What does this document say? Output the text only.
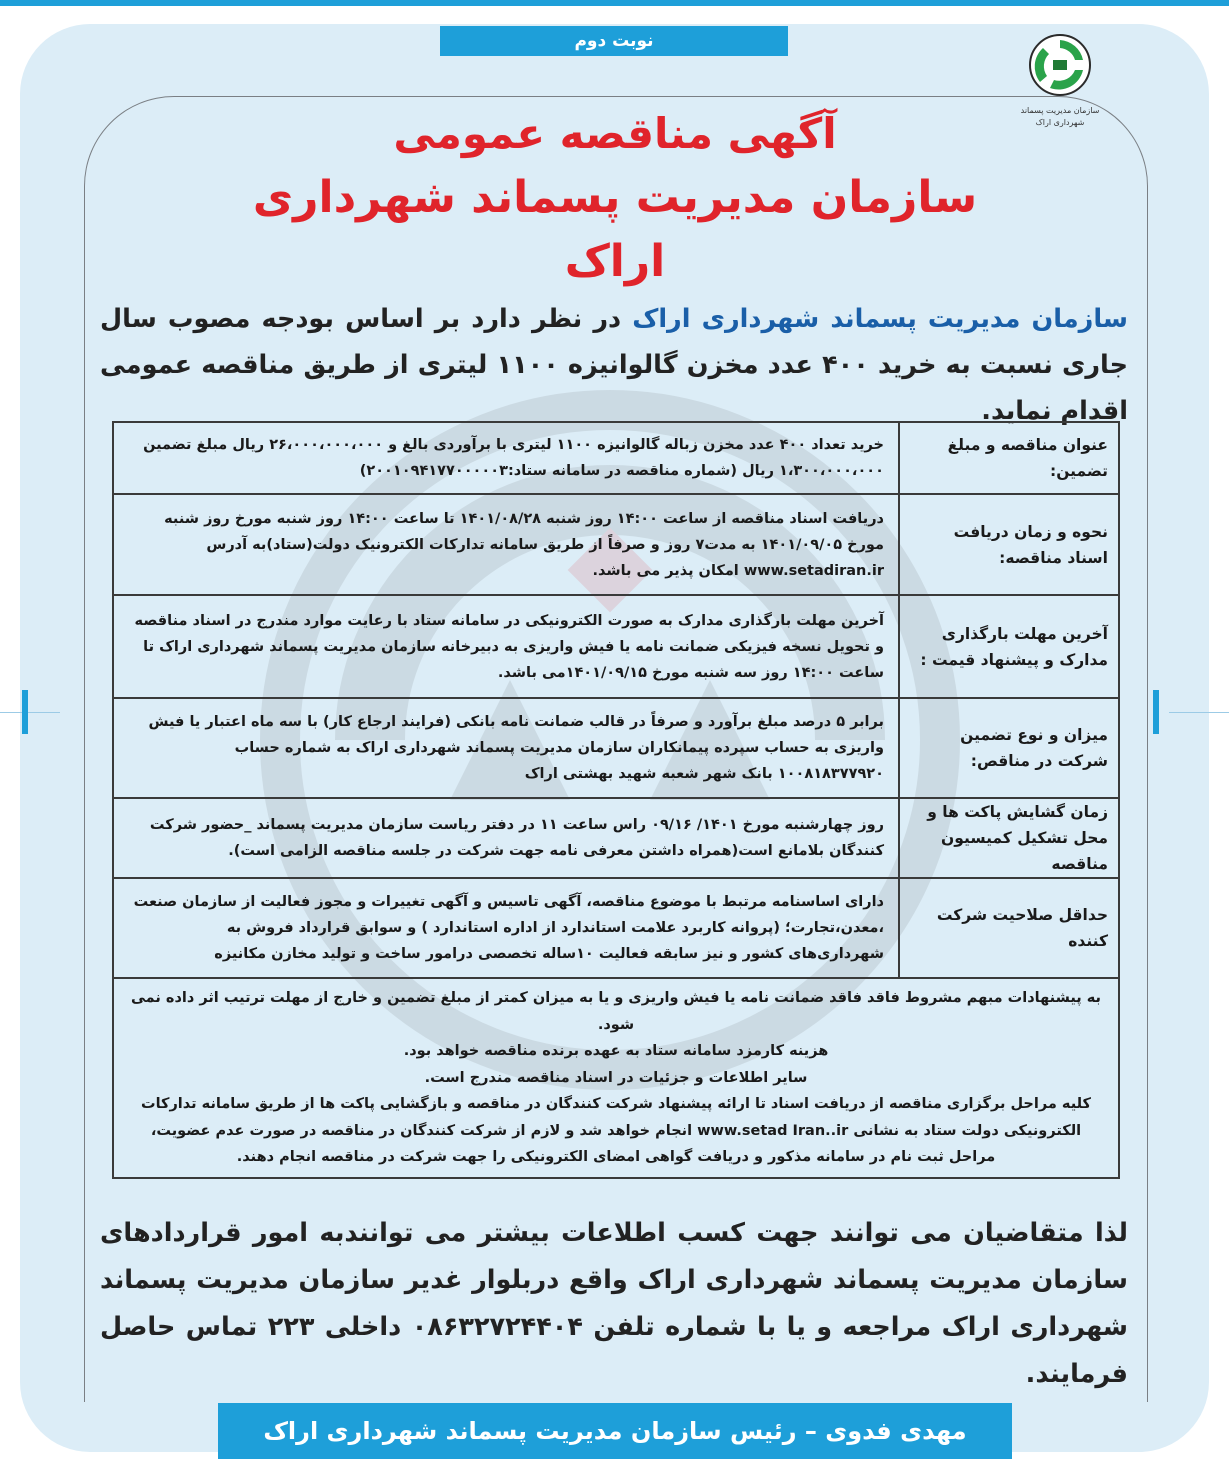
نوبت دوم
سازمان مدیریت پسماند
شهرداری اراک
آگهی مناقصه عمومی
سازمان مدیریت پسماند شهرداری اراک
سازمان مدیریت پسماند شهرداری اراک در نظر دارد بر اساس بودجه مصوب سال جاری نسبت به خرید ۴۰۰ عدد مخزن گالوانیزه ۱۱۰۰ لیتری از طریق مناقصه عمومی اقدام نماید.
عنوان مناقصه و مبلغ تضمین:	خرید تعداد ۴۰۰ عدد مخزن زباله گالوانیزه ۱۱۰۰ لیتری با برآوردی بالغ و ۲۶،۰۰۰،۰۰۰،۰۰۰ ریال مبلغ تضمین ۱،۳۰۰،۰۰۰،۰۰۰ ریال (شماره مناقصه در سامانه ستاد:۲۰۰۱۰۹۴۱۷۷۰۰۰۰۰۳)
نحوه و زمان دریافت اسناد مناقصه:	دریافت اسناد مناقصه از ساعت ۱۴:۰۰ روز شنبه ۱۴۰۱/۰۸/۲۸ تا ساعت ۱۴:۰۰ روز شنبه مورخ روز شنبه مورخ ۱۴۰۱/۰۹/۰۵ به مدت۷ روز و صرفاً از طریق سامانه تدارکات الکترونیک دولت(ستاد)به آدرس www.setadiran.ir امکان پذیر می باشد.
آخرین مهلت بارگذاری مدارک و پیشنهاد قیمت :	آخرین مهلت بارگذاری مدارک به صورت الکترونیکی در سامانه ستاد با رعایت موارد مندرج در اسناد مناقصه و تحویل نسخه فیزیکی ضمانت نامه یا فیش واریزی به دبیرخانه سازمان مدیریت پسماند شهرداری اراک تا ساعت ۱۴:۰۰ روز سه شنبه مورخ ۱۴۰۱/۰۹/۱۵می باشد.
میزان و نوع تضمین شرکت در مناقص:	برابر ۵ درصد مبلغ برآورد و صرفاً در قالب ضمانت نامه بانکی (فرایند ارجاع کار) با سه ماه اعتبار یا فیش واریزی به حساب سپرده پیمانکاران سازمان مدیریت پسماند شهرداری اراک به شماره حساب ۱۰۰۸۱۸۳۷۷۹۲۰ بانک شهر شعبه شهید بهشتی اراک
زمان گشایش پاکت ها و محل تشکیل کمیسیون مناقصه	روز چهارشنبه مورخ ۱۴۰۱/ ۰۹/۱۶ راس ساعت ۱۱ در دفتر ریاست سازمان مدیریت پسماند _حضور شرکت کنندگان بلامانع است(همراه داشتن معرفی نامه جهت شرکت در جلسه مناقصه الزامی است).
حداقل صلاحیت شرکت کننده	دارای اساسنامه مرتبط با موضوع مناقصه، آگهی تاسیس و آگهی تغییرات و مجوز فعالیت از سازمان صنعت ،معدن،تجارت؛ (پروانه کاربرد علامت استاندارد از اداره استاندارد ) و سوابق قرارداد فروش به شهرداری‌های کشور و نیز سابقه فعالیت ۱۰ساله تخصصی درامور ساخت و تولید مخازن مکانیزه

به پیشنهادات مبهم مشروط فاقد فاقد ضمانت نامه یا فیش واریزی و یا به میزان کمتر از مبلغ تضمین و خارج از مهلت ترتیب اثر داده نمی شود.

هزینه کارمزد سامانه ستاد به عهده برنده مناقصه خواهد بود.

سایر اطلاعات و جزئیات در اسناد مناقصه مندرج است.

کلیه مراحل برگزاری مناقصه از دریافت اسناد تا ارائه پیشنهاد شرکت کنندگان در مناقصه و بازگشایی پاکت ها از طریق سامانه تدارکات الکترونیکی دولت ستاد به نشانی www.setad Iran..ir انجام خواهد شد و لازم از شرکت کنندگان در مناقصه در صورت عدم عضویت، مراحل ثبت نام در سامانه مذکور و دریافت گواهی امضای الکترونیکی را جهت شرکت در مناقصه انجام دهند.	

لذا متقاضیان می توانند جهت کسب اطلاعات بیشتر می توانندبه امور قراردادهای سازمان مدیریت پسماند شهرداری اراک واقع دربلوار غدیر سازمان مدیریت پسماند شهرداری اراک مراجعه و یا با شماره تلفن ۰۸۶۳۲۷۲۴۴۰۴ داخلی ۲۲۳ تماس حاصل فرمایند.
مهدی فدوی – رئیس سازمان مدیریت پسماند شهرداری اراک
